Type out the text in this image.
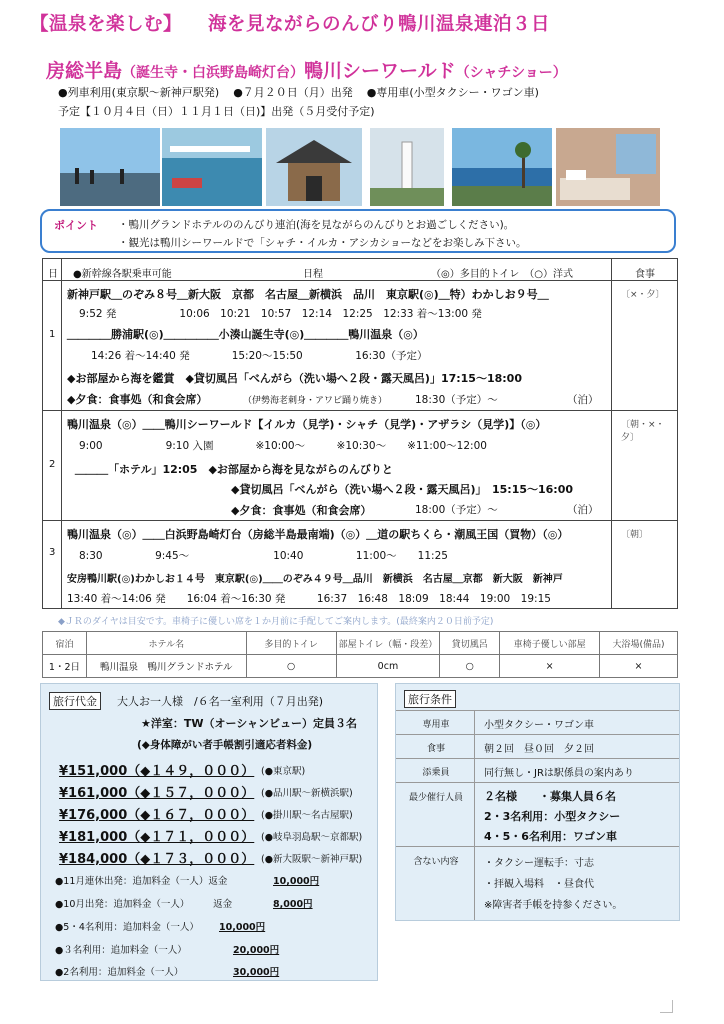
【温泉を楽しむ】 海を見ながらのんびり鴨川温泉連泊３日
房総半島（誕生寺・白浜野島崎灯台）鴨川シーワールド（シャチショー）
●列車利用(東京駅～新神戸駅発) ●７月２０日（月）出発 ●専用車(小型タクシー・ワゴン車)
予定【１０月４日（日）１１月１日（日)】出発（５月受付予定)
ポイント ・鴨川グランドホテルののんびり連泊(海を見ながらのんびりとお過ごしください)。
・観光は鴨川シーワールドで「シャチ・イルカ・アシカショーなどをお楽しみ下さい。
日 ●新幹線各駅乗車可能	日程	（◎）多目的トイレ　（○）洋式	食事
1
〔×・夕〕
新神戸駅＿のぞみ８号＿新大阪　京都　名古屋＿新横浜　品川　東京駅(◎)＿特）わかしお９号＿
9:52 発　　　　　　10:06　10:21　10:57　12:14　12:25　12:33 着～13:00 発
＿＿＿＿勝浦駅(◎)＿＿＿＿＿小湊山誕生寺(◎)＿＿＿＿鴨川温泉（◎）
14:26 着～14:40 発　　　　15:20～15:50　　　　　16:30（予定）
◆お部屋から海を鑑賞　◆貸切風呂「べんがら（洗い場へ２段・露天風呂)」17:15～18:00
◆夕食：食事処（和食会席）	（伊勢海老刺身・アワビ踊り焼き）	18:30（予定）～	（泊）
2
〔朝・×・夕〕
鴨川温泉（◎）＿＿鴨川シーワールド【イルカ（見学)・シャチ（見学)・アザラシ（見学)】（◎）
9:00　　　　　　9:10 入園　　　　※10:00～　　　※10:30～　　※11:00～12:00
＿＿＿「ホテル」12:05　◆お部屋から海を見ながらのんびりと
◆貸切風呂「べんがら（洗い場へ２段・露天風呂)」　15:15～16:00
◆夕食：食事処（和食会席）	18:00（予定）～	（泊）
3
〔朝〕
鴨川温泉（◎）＿＿白浜野島崎灯台（房総半島最南端)（◎）＿道の駅ちくら・潮風王国（買物）（◎）
8:30　　　　　9:45～　　　　　　　　10:40　　　　　11:00～　　11:25
安房鴨川駅(◎)わかしお１４号　東京駅(◎)＿＿のぞみ４９号＿品川　新横浜　名古屋＿京都　新大阪　新神戸
13:40 着～14:06 発　　16:04 着～16:30 発　　　16:37　16:48　18:09　18:44　19:00　19:15
◆ＪＲのダイヤは目安です。車椅子に優しい席を１か月前に手配してご案内します。(最終案内２０日前予定)
宿泊	ホテル名	多目的トイレ	部屋トイレ（幅・段差）	貸切風呂	車椅子優しい部屋	大浴場(備品)
1・2日	鴨川温泉　鴨川グランドホテル	○	0cm	○	×	×
旅行代金	大人お一人様　/６名一室利用（７月出発)
★洋室：TW（オーシャンビュー）定員３名
(◆身体障がい者手帳割引適応者料金)
¥151,000（◆１４９，０００） (●東京駅)
¥161,000（◆１５７，０００） (●品川駅～新横浜駅)
¥176,000（◆１６７，０００） (●掛川駅～名古屋駅)
¥181,000（◆１７１，０００） (●岐阜羽島駅～京都駅)
¥184,000（◆１７３，０００） (●新大阪駅～新神戸駅)
●11月連休出発：追加料金（一人）返金	10,000円
●10月出発：追加料金（一人）　　　返金	8,000円
●5・4名利用：追加料金（一人） 10,000円
●３名利用：追加料金（一人）	20,000円
●2名利用：追加料金（一人）	30,000円
旅行条件
専用車	小型タクシー・ワゴン車
食事	朝２回　昼０回　夕２回
添乗員	同行無し・JRは駅係員の案内あり
最少催行人員	２名様　　・募集人員６名
2・3名利用：小型タクシー
4・5・6名利用：ワゴン車
含ない内容	・タクシー運転手：寸志
・拝観入場料　・昼食代
※障害者手帳を持参ください。
